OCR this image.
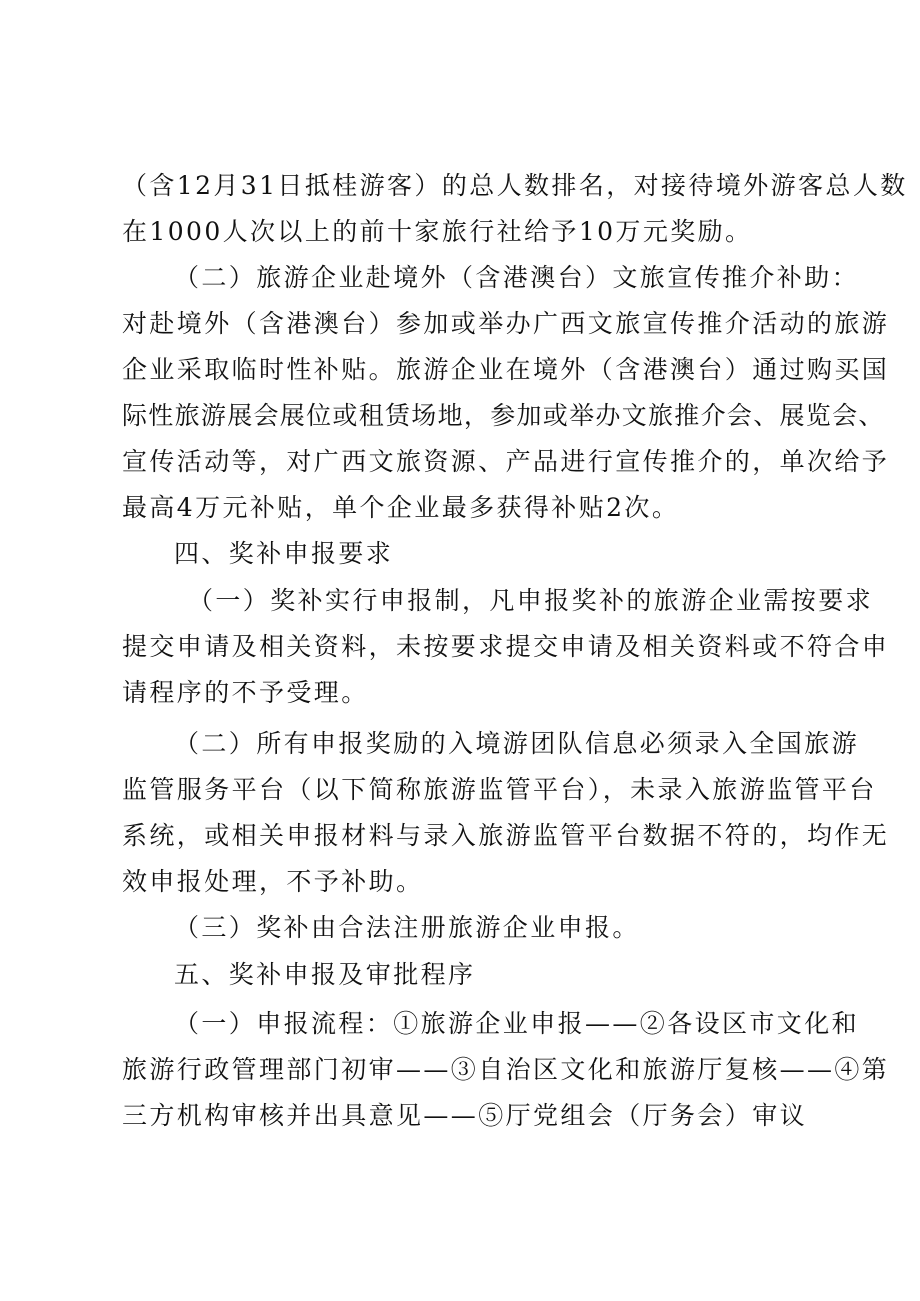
（含12月31日抵桂游客）的总人数排名，对接待境外游客总人数
在1000人次以上的前十家旅行社给予10万元奖励。
（二）旅游企业赴境外（含港澳台）文旅宣传推介补助：
对赴境外（含港澳台）参加或举办广西文旅宣传推介活动的旅游
企业采取临时性补贴。旅游企业在境外（含港澳台）通过购买国
际性旅游展会展位或租赁场地，参加或举办文旅推介会、展览会、
宣传活动等，对广西文旅资源、产品进行宣传推介的，单次给予
最高4万元补贴，单个企业最多获得补贴2次。
四、奖补申报要求
（一）奖补实行申报制，凡申报奖补的旅游企业需按要求
提交申请及相关资料，未按要求提交申请及相关资料或不符合申
请程序的不予受理。
（二）所有申报奖励的入境游团队信息必须录入全国旅游
监管服务平台（以下简称旅游监管平台），未录入旅游监管平台
系统，或相关申报材料与录入旅游监管平台数据不符的，均作无
效申报处理，不予补助。
（三）奖补由合法注册旅游企业申报。
五、奖补申报及审批程序
（一）申报流程：①旅游企业申报——②各设区市文化和
旅游行政管理部门初审——③自治区文化和旅游厅复核——④第
三方机构审核并出具意见——⑤厅党组会（厅务会）审议
